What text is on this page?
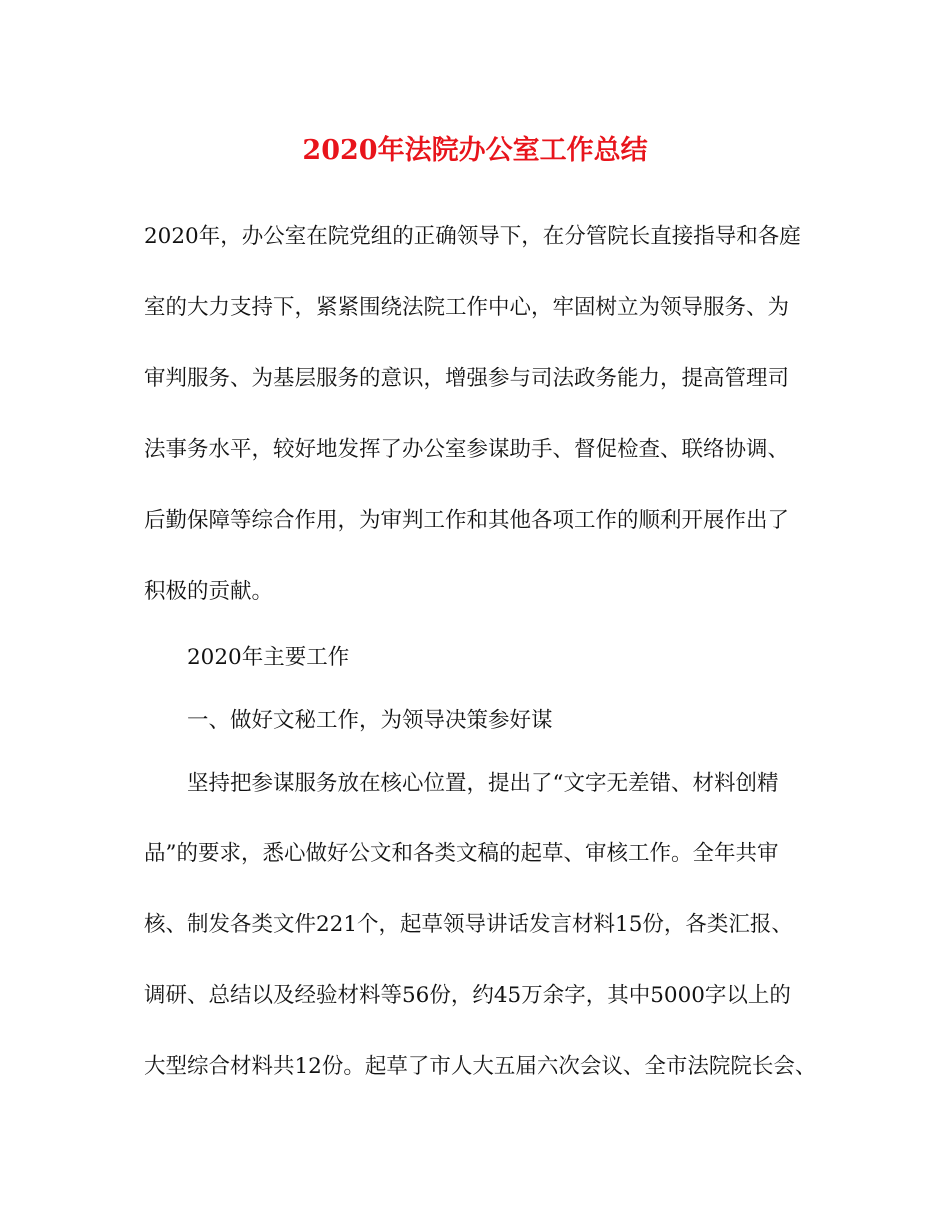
2020年法院办公室工作总结
2020年，办公室在院党组的正确领导下，在分管院长直接指导和各庭
室的大力支持下，紧紧围绕法院工作中心，牢固树立为领导服务、为
审判服务、为基层服务的意识，增强参与司法政务能力，提高管理司
法事务水平，较好地发挥了办公室参谋助手、督促检查、联络协调、
后勤保障等综合作用，为审判工作和其他各项工作的顺利开展作出了
积极的贡献。
2020年主要工作
一、做好文秘工作，为领导决策参好谋
坚持把参谋服务放在核心位置，提出了“文字无差错、材料创精
品”的要求，悉心做好公文和各类文稿的起草、审核工作。全年共审
核、制发各类文件221个，起草领导讲话发言材料15份，各类汇报、
调研、总结以及经验材料等56份，约45万余字，其中5000字以上的
大型综合材料共12份。起草了市人大五届六次会议、全市法院院长会、
